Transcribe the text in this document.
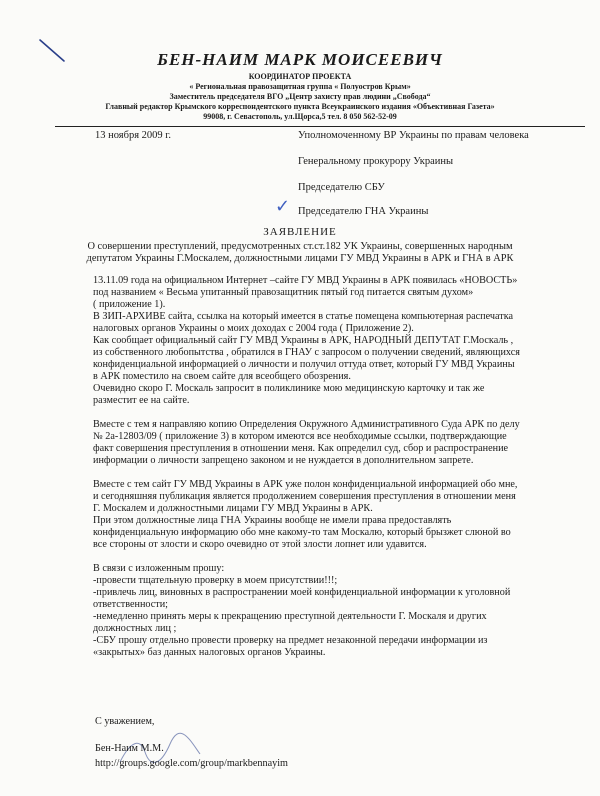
БЕН-НАИМ МАРК МОИСЕЕВИЧ
КООРДИНАТОР ПРОЕКТА
« Региональная правозащитная группа « Полуостров Крым»
Заместитель председателя ВГО „Центр захисту прав людини „Свобода“
Главный редактор Крымского корреспондентского пункта Всеукраинского издания «Объективная Газета»
99008, г. Севастополь, ул.Щорса,5 тел. 8 050 562-52-09
13 ноября 2009 г.	Уполномоченному ВР Украины по правам человека
Генеральному прокурору Украины
Председателю СБУ
✓ Председателю ГНА Украины
ЗАЯВЛЕНИЕ
О совершении преступлений, предусмотренных ст.ст.182 УК Украины, совершенных народным
депутатом Украины Г.Москалем, должностными лицами ГУ МВД Украины в АРК и ГНА в АРК
13.11.09 года на официальном Интернет –сайте ГУ МВД Украины в АРК появилась «НОВОСТЬ»
под названием « Весьма упитанный правозащитник пятый год питается святым духом»
( приложение 1).
В ЗИП-АРХИВЕ сайта, ссылка на который имеется в статье помещена компьютерная распечатка
налоговых органов Украины о моих доходах с 2004 года ( Приложение 2).
Как сообщает официальный сайт ГУ МВД Украины в АРК, НАРОДНЫЙ ДЕПУТАТ Г.Москаль ,
из собственного любопытства , обратился в ГНАУ с запросом о получении сведений, являющихся
конфиденциальной информацией о личности и получил оттуда ответ, который ГУ МВД Украины
в АРК поместило на своем сайте для всеобщего обозрения.
Очевидно скоро Г. Москаль запросит в поликлинике мою медицинскую карточку и так же
разместит ее на сайте.
Вместе с тем я направляю копию Определения Окружного Административного Суда АРК по делу
№ 2а-12803/09 ( приложение 3) в котором имеются все необходимые ссылки, подтверждающие
факт совершения преступления в отношении меня. Как определил суд, сбор и распространение
информации о личности запрещено законом и не нуждается в дополнительном запрете.
Вместе с тем сайт ГУ МВД Украины в АРК уже полон конфиденциальной информацией обо мне,
и сегодняшняя публикация является продолжением совершения преступления в отношении меня
Г. Москалем и должностными лицами ГУ МВД Украины в АРК.
При этом должностные лица ГНА Украины вообще не имели права предоставлять
конфиденциальную информацию обо мне какому-то там Москалю, который брызжет слюной во
все стороны от злости и скоро очевидно от этой злости лопнет или удавится.
В связи с изложенным прошу:
-провести тщательную проверку в моем присутствии!!!;
-привлечь лиц, виновных в распространении моей конфиденциальной информации к уголовной
ответственности;
-немедленно принять меры к прекращению преступной деятельности Г. Москаля и других
должностных лиц ;
-СБУ прошу отдельно провести проверку на предмет незаконной передачи информации из
«закрытых» баз данных налоговых органов Украины.
С уважением,
Бен-Наим М.М.
http://groups.google.com/group/markbennayim
